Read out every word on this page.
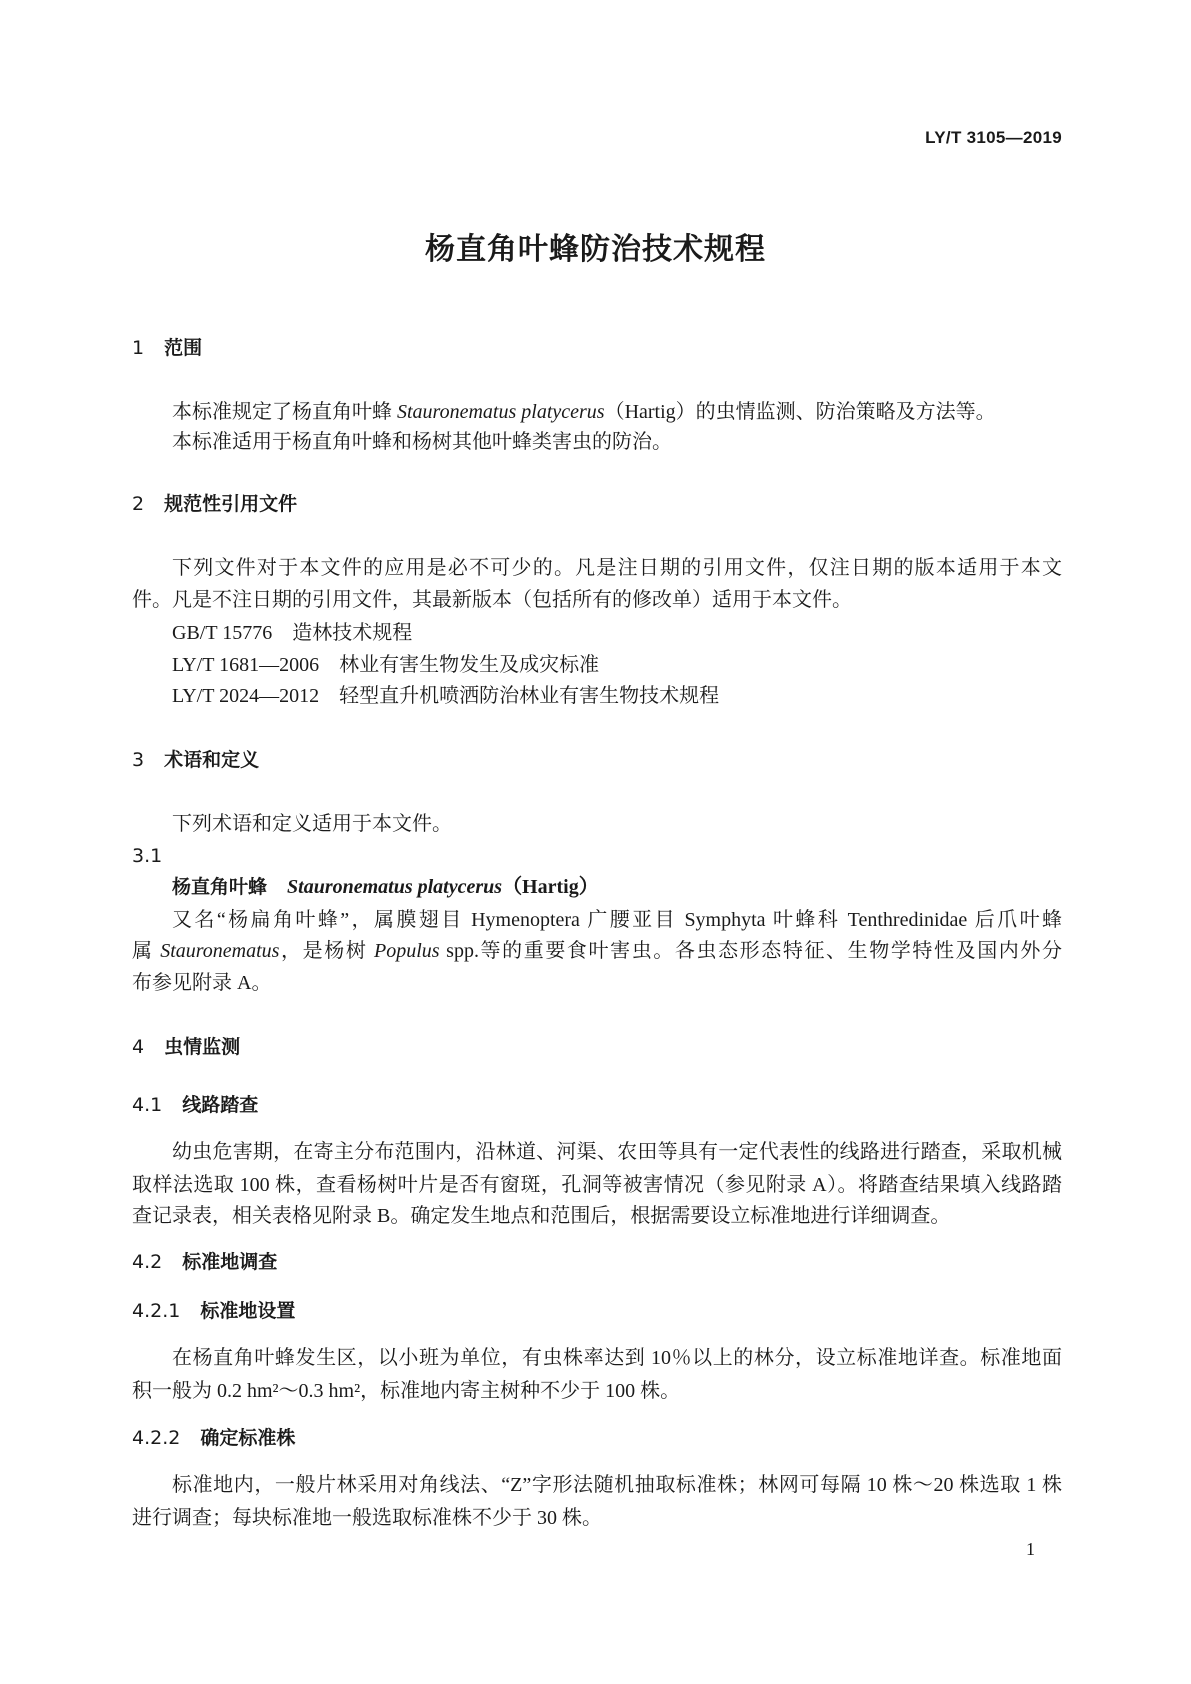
LY/T 3105—2019
杨直角叶蜂防治技术规程
1 范围
本标准规定了杨直角叶蜂 Stauronematus platycerus（Hartig）的虫情监测、防治策略及方法等。
本标准适用于杨直角叶蜂和杨树其他叶蜂类害虫的防治。
2 规范性引用文件
下列文件对于本文件的应用是必不可少的。凡是注日期的引用文件，仅注日期的版本适用于本文
件。凡是不注日期的引用文件，其最新版本（包括所有的修改单）适用于本文件。
GB/T 15776 造林技术规程
LY/T 1681—2006 林业有害生物发生及成灾标准
LY/T 2024—2012 轻型直升机喷洒防治林业有害生物技术规程
3 术语和定义
下列术语和定义适用于本文件。
3.1
杨直角叶蜂 Stauronematus platycerus（Hartig）
又名“杨扁角叶蜂”，属膜翅目 Hymenoptera 广腰亚目 Symphyta 叶蜂科 Tenthredinidae 后爪叶蜂
属 Stauronematus，是杨树 Populus spp.等的重要食叶害虫。各虫态形态特征、生物学特性及国内外分
布参见附录 A。
4 虫情监测
4.1 线路踏查
幼虫危害期，在寄主分布范围内，沿林道、河渠、农田等具有一定代表性的线路进行踏查，采取机械
取样法选取 100 株，查看杨树叶片是否有窗斑，孔洞等被害情况（参见附录 A）。将踏查结果填入线路踏
查记录表，相关表格见附录 B。确定发生地点和范围后，根据需要设立标准地进行详细调查。
4.2 标准地调查
4.2.1 标准地设置
在杨直角叶蜂发生区，以小班为单位，有虫株率达到 10％以上的林分，设立标准地详查。标准地面
积一般为 0.2 hm²～0.3 hm²，标准地内寄主树种不少于 100 株。
4.2.2 确定标准株
标准地内，一般片林采用对角线法、“Z”字形法随机抽取标准株；林网可每隔 10 株～20 株选取 1 株
进行调查；每块标准地一般选取标准株不少于 30 株。
1
